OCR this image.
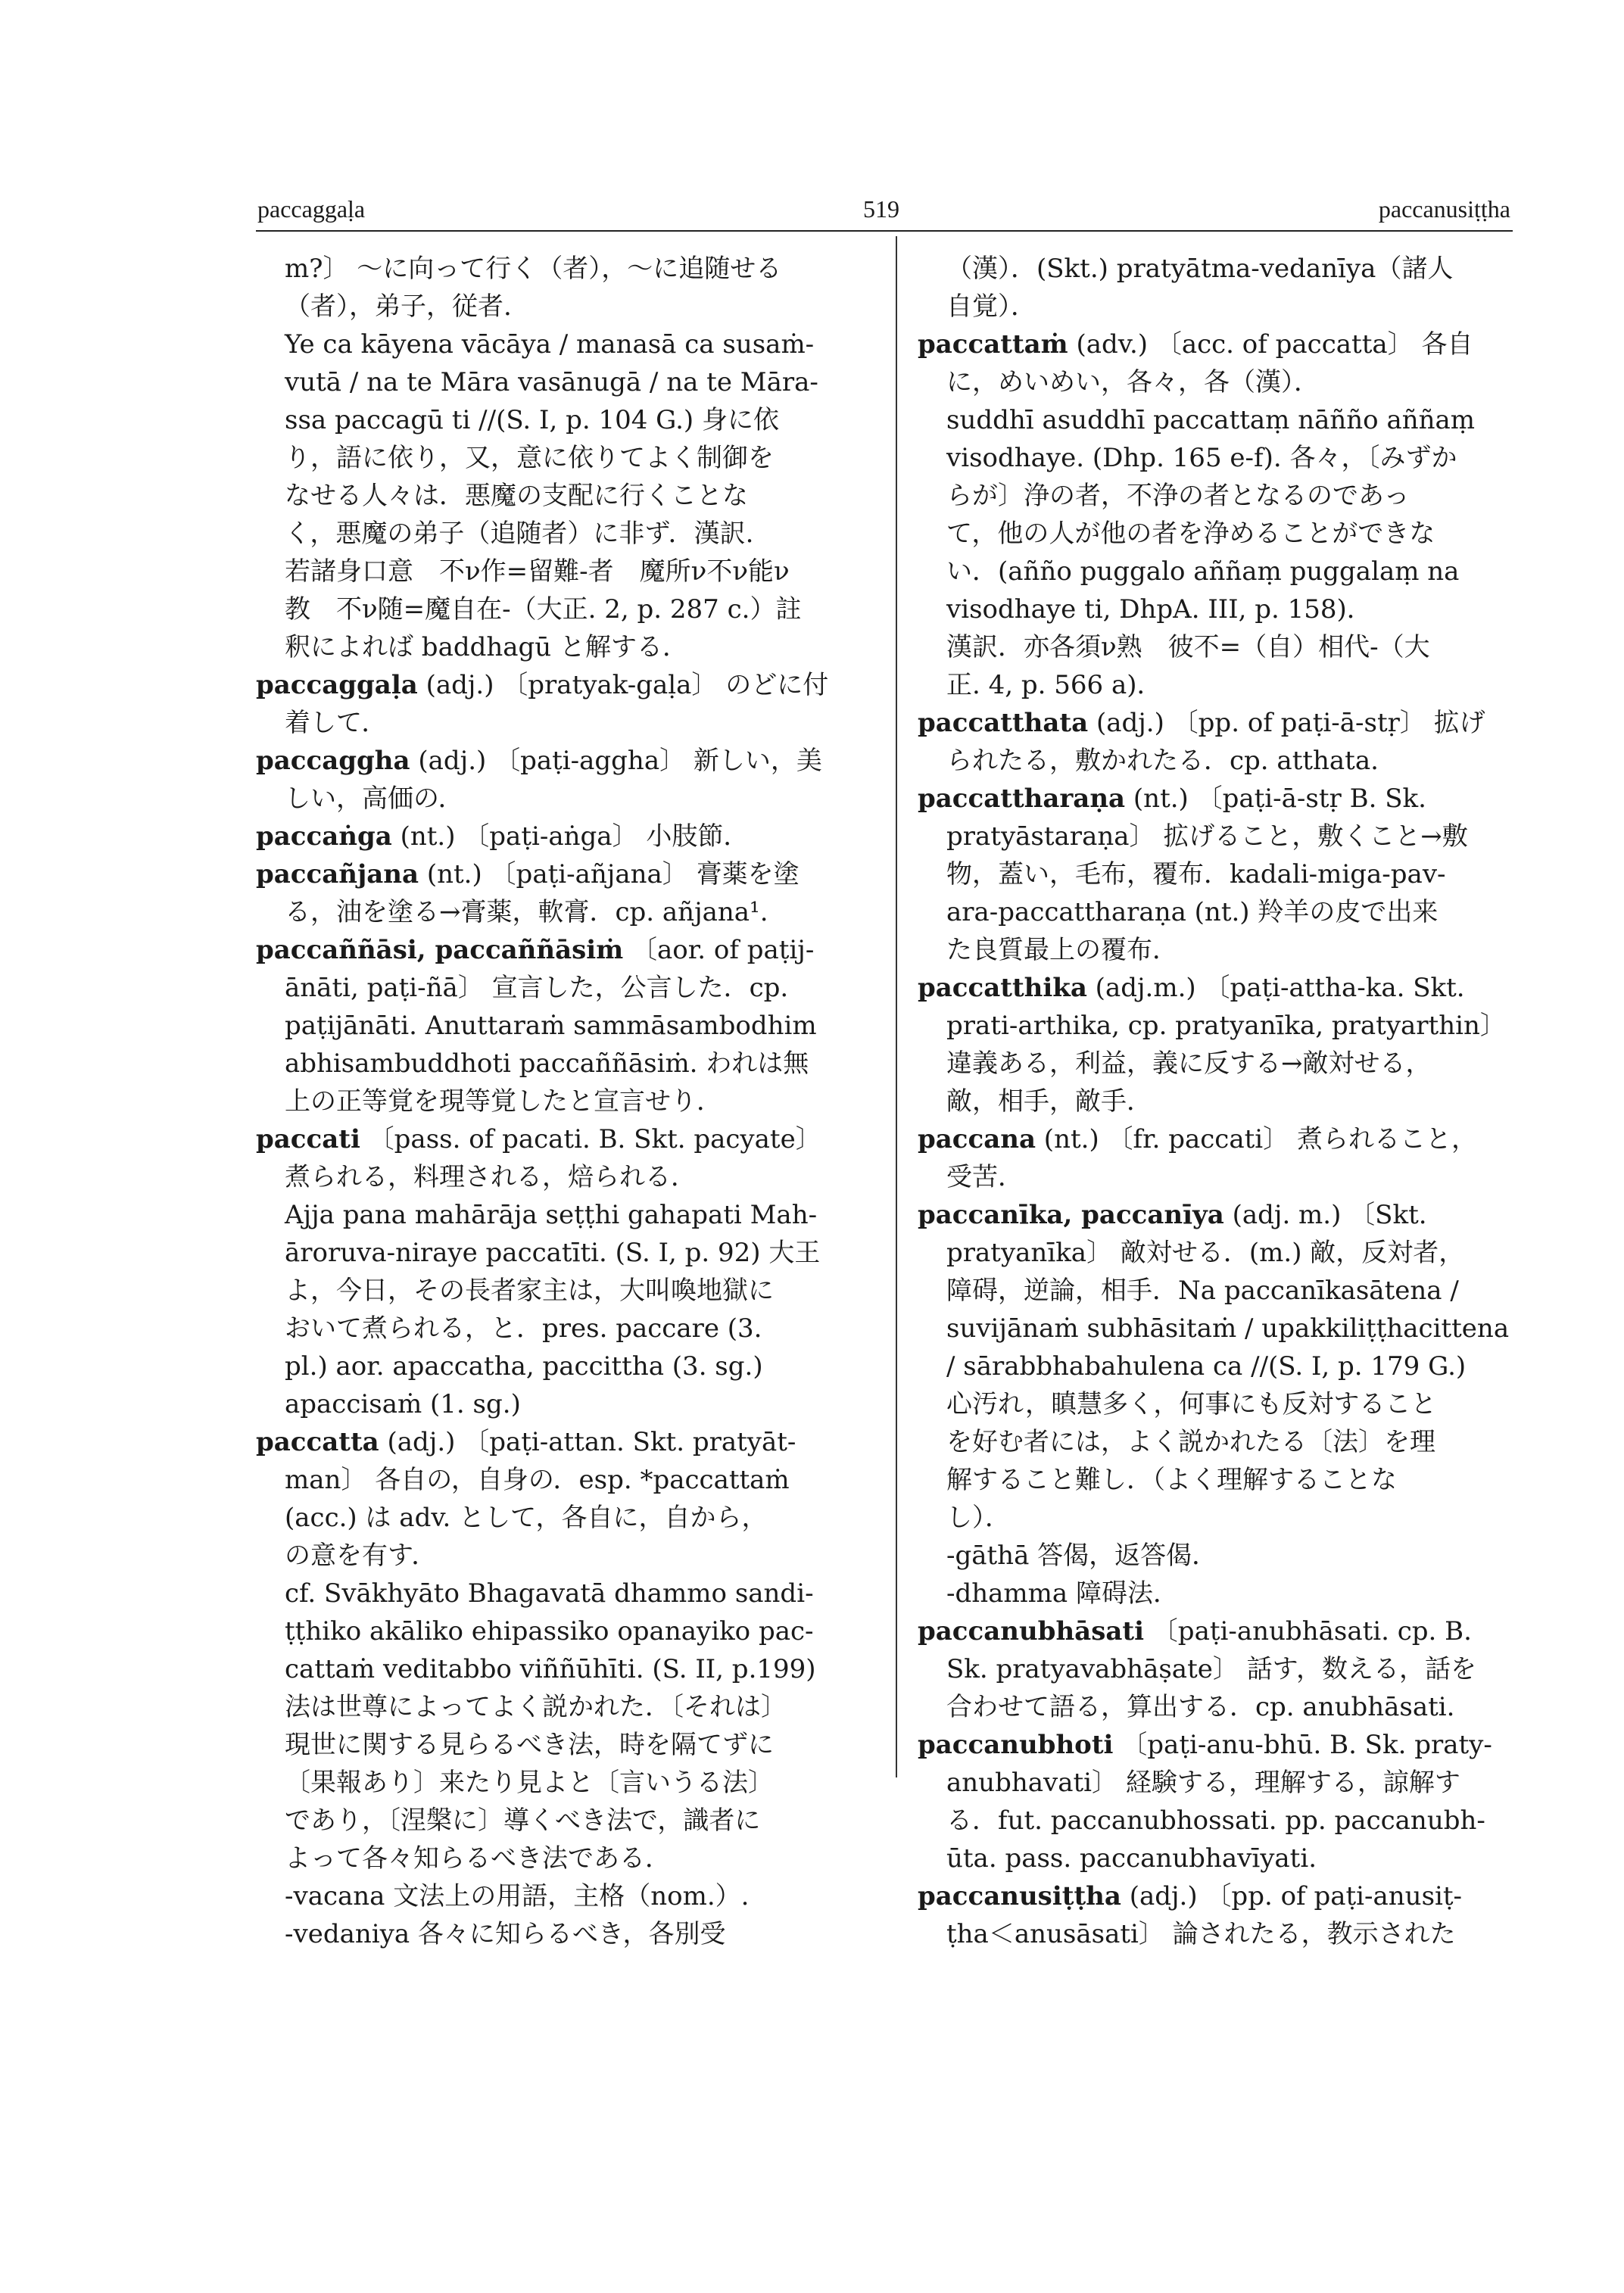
paccaggaḷa	519	paccanusiṭṭha
m?〕 ～に向って行く（者），～に追随せる
（者），弟子，従者.
Ye ca kāyena vācāya / manasā ca susaṁ-
vutā / na te Māra vasānugā / na te Māra-
ssa paccagū ti //(S. I, p. 104 G.) 身に依
り，語に依り，又，意に依りてよく制御を
なせる人々は．悪魔の支配に行くことな
く，悪魔の弟子（追随者）に非ず．漢訳.
若諸身口意　不ν作=留難-者　魔所ν不ν能ν
教　不ν随=魔自在-（大正. 2, p. 287 c.）註
釈によれば baddhagū と解する．
paccaggaḷa (adj.) 〔pratyak-gaḷa〕 のどに付
着して．
paccaggha (adj.) 〔paṭi-aggha〕 新しい，美
しい，高価の．
paccaṅga (nt.) 〔paṭi-aṅga〕 小肢節．
paccañjana (nt.) 〔paṭi-añjana〕 膏薬を塗
る，油を塗る→膏薬，軟膏．cp. añjana¹.
paccaññāsi, paccaññāsiṁ 〔aor. of paṭij-
ānāti, paṭi-ñā〕 宣言した，公言した．cp.
paṭijānāti. Anuttaraṁ sammāsambodhim
abhisambuddhoti paccaññāsiṁ. われは無
上の正等覚を現等覚したと宣言せり．
paccati 〔pass. of pacati. B. Skt. pacyate〕
煮られる，料理される，焙られる．
Ajja pana mahārāja seṭṭhi gahapati Mah-
āroruva-niraye paccatīti. (S. I, p. 92) 大王
よ，今日，その長者家主は，大叫喚地獄に
おいて煮られる，と．pres. paccare (3.
pl.) aor. apaccatha, paccittha (3. sg.)
apaccisaṁ (1. sg.)
paccatta (adj.) 〔paṭi-attan. Skt. pratyāt-
man〕 各自の，自身の．esp. *paccattaṁ
(acc.) は adv. として，各自に，自から，
の意を有す．
cf. Svākhyāto Bhagavatā dhammo sandi-
ṭṭhiko akāliko ehipassiko opanayiko pac-
cattaṁ veditabbo viññūhīti. (S. II, p.199)
法は世尊によってよく説かれた．〔それは〕
現世に関する見らるべき法，時を隔てずに
〔果報あり〕来たり見よと〔言いうる法〕
であり，〔涅槃に〕導くべき法で，識者に
よって各々知らるべき法である．
-vacana 文法上の用語，主格（nom.）.
-vedaniya 各々に知らるべき，各別受
（漢）．(Skt.) pratyātma-vedanīya（諸人
自覚）．
paccattaṁ (adv.) 〔acc. of paccatta〕 各自
に，めいめい，各々，各（漢）．
suddhī asuddhī paccattaṃ nāñño aññaṃ
visodhaye. (Dhp. 165 e-f). 各々，〔みずか
らが〕浄の者，不浄の者となるのであっ
て，他の人が他の者を浄めることができな
い．(añño puggalo aññaṃ puggalaṃ na
visodhaye ti, DhpA. III, p. 158)．
漢訳．亦各須ν熟　彼不=（自）相代-（大
正. 4, p. 566 a)．
paccatthata (adj.) 〔pp. of paṭi-ā-stṛ〕 拡げ
られたる，敷かれたる．cp. atthata.
paccattharaṇa (nt.) 〔paṭi-ā-stṛ B. Sk.
pratyāstaraṇa〕 拡げること，敷くこと→敷
物，蓋い，毛布，覆布．kadali-miga-pav-
ara-paccattharaṇa (nt.) 羚羊の皮で出来
た良質最上の覆布．
paccatthika (adj.m.) 〔paṭi-attha-ka. Skt.
prati-arthika, cp. pratyanīka, pratyarthin〕
違義ある，利益，義に反する→敵対せる，
敵，相手，敵手．
paccana (nt.) 〔fr. paccati〕 煮られること，
受苦．
paccanīka, paccanīya (adj. m.) 〔Skt.
pratyanīka〕 敵対せる．(m.) 敵，反対者，
障碍，逆論，相手．Na paccanīkasātena /
suvijānaṁ subhāsitaṁ / upakkiliṭṭhacittena
/ sārabbhabahulena ca //(S. I, p. 179 G.)
心汚れ，瞋慧多く，何事にも反対すること
を好む者には，よく説かれたる〔法〕を理
解すること難し．（よく理解することな
し）．
-gāthā 答偈，返答偈．
-dhamma 障碍法．
paccanubhāsati 〔paṭi-anubhāsati. cp. B.
Sk. pratyavabhāṣate〕 話す，数える，話を
合わせて語る，算出する．cp. anubhāsati.
paccanubhoti 〔paṭi-anu-bhū. B. Sk. praty-
anubhavati〕 経験する，理解する，諒解す
る．fut. paccanubhossati. pp. paccanubh-
ūta. pass. paccanubhavīyati.
paccanusiṭṭha (adj.) 〔pp. of paṭi-anusiṭ-
ṭha＜anusāsati〕 論されたる，教示された
